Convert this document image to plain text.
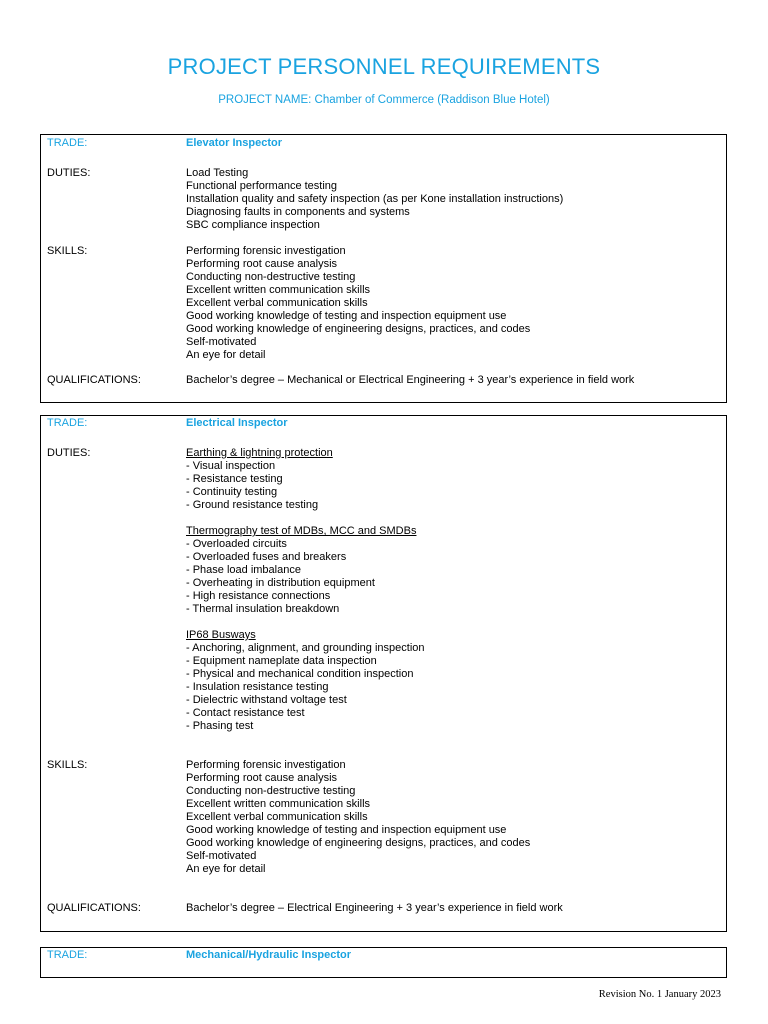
PROJECT PERSONNEL REQUIREMENTS
PROJECT NAME: Chamber of Commerce (Raddison Blue Hotel)
TRADE:	Elevator Inspector
DUTIES:	Load Testing
Functional performance testing
Installation quality and safety inspection (as per Kone installation instructions)
Diagnosing faults in components and systems
SBC compliance inspection
SKILLS:	Performing forensic investigation
Performing root cause analysis
Conducting non-destructive testing
Excellent written communication skills
Excellent verbal communication skills
Good working knowledge of testing and inspection equipment use
Good working knowledge of engineering designs, practices, and codes
Self-motivated
An eye for detail
QUALIFICATIONS:	Bachelor’s degree – Mechanical or Electrical Engineering + 3 year’s experience in field work
TRADE:	Electrical Inspector
DUTIES:	Earthing & lightning protection
- Visual inspection
- Resistance testing
- Continuity testing
- Ground resistance testing
Thermography test of MDBs, MCC and SMDBs
- Overloaded circuits
- Overloaded fuses and breakers
- Phase load imbalance
- Overheating in distribution equipment
- High resistance connections
- Thermal insulation breakdown
IP68 Busways
- Anchoring, alignment, and grounding inspection
- Equipment nameplate data inspection
- Physical and mechanical condition inspection
- Insulation resistance testing
- Dielectric withstand voltage test
- Contact resistance test
- Phasing test
SKILLS:	Performing forensic investigation
Performing root cause analysis
Conducting non-destructive testing
Excellent written communication skills
Excellent verbal communication skills
Good working knowledge of testing and inspection equipment use
Good working knowledge of engineering designs, practices, and codes
Self-motivated
An eye for detail
QUALIFICATIONS:	Bachelor’s degree – Electrical Engineering + 3 year’s experience in field work
TRADE:	Mechanical/Hydraulic Inspector
Revision No. 1 January 2023
